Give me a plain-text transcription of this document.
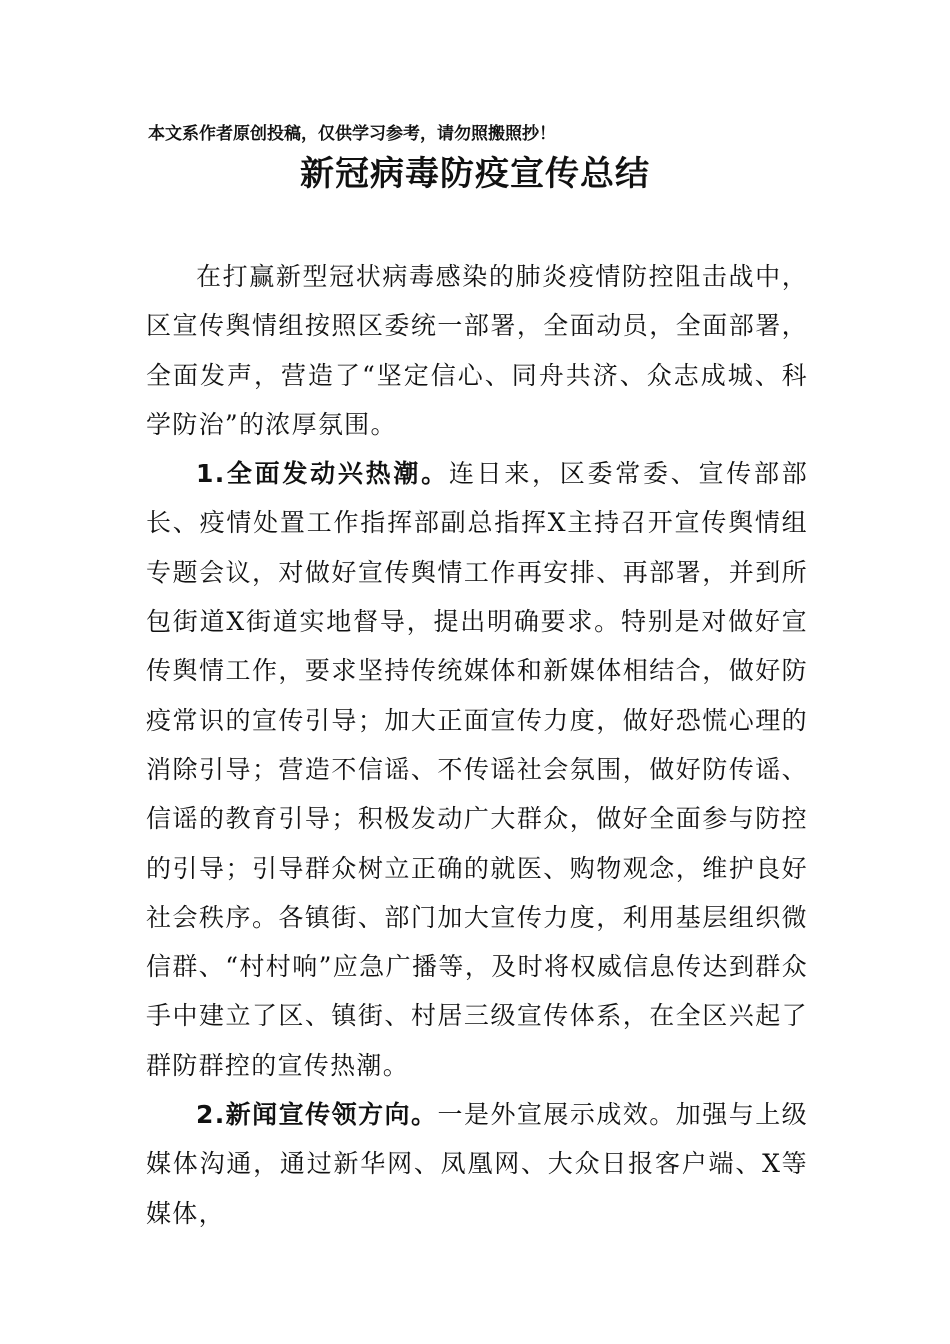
本文系作者原创投稿，仅供学习参考，请勿照搬照抄！
新冠病毒防疫宣传总结

在打赢新型冠状病毒感染的肺炎疫情防控阻击战中，区宣传舆情组按照区委统一部署，全面动员，全面部署，全面发声，营造了“坚定信心、同舟共济、众志成城、科学防治”的浓厚氛围。

1.全面发动兴热潮。连日来，区委常委、宣传部部长、疫情处置工作指挥部副总指挥X主持召开宣传舆情组专题会议，对做好宣传舆情工作再安排、再部署，并到所包街道X街道实地督导，提出明确要求。特别是对做好宣传舆情工作，要求坚持传统媒体和新媒体相结合，做好防疫常识的宣传引导；加大正面宣传力度，做好恐慌心理的消除引导；营造不信谣、不传谣社会氛围，做好防传谣、信谣的教育引导；积极发动广大群众，做好全面参与防控的引导；引导群众树立正确的就医、购物观念，维护良好社会秩序。各镇街、部门加大宣传力度，利用基层组织微信群、“村村响”应急广播等，及时将权威信息传达到群众手中建立了区、镇街、村居三级宣传体系，在全区兴起了群防群控的宣传热潮。

2.新闻宣传领方向。一是外宣展示成效。加强与上级媒体沟通，通过新华网、凤凰网、大众日报客户端、X等媒体，
